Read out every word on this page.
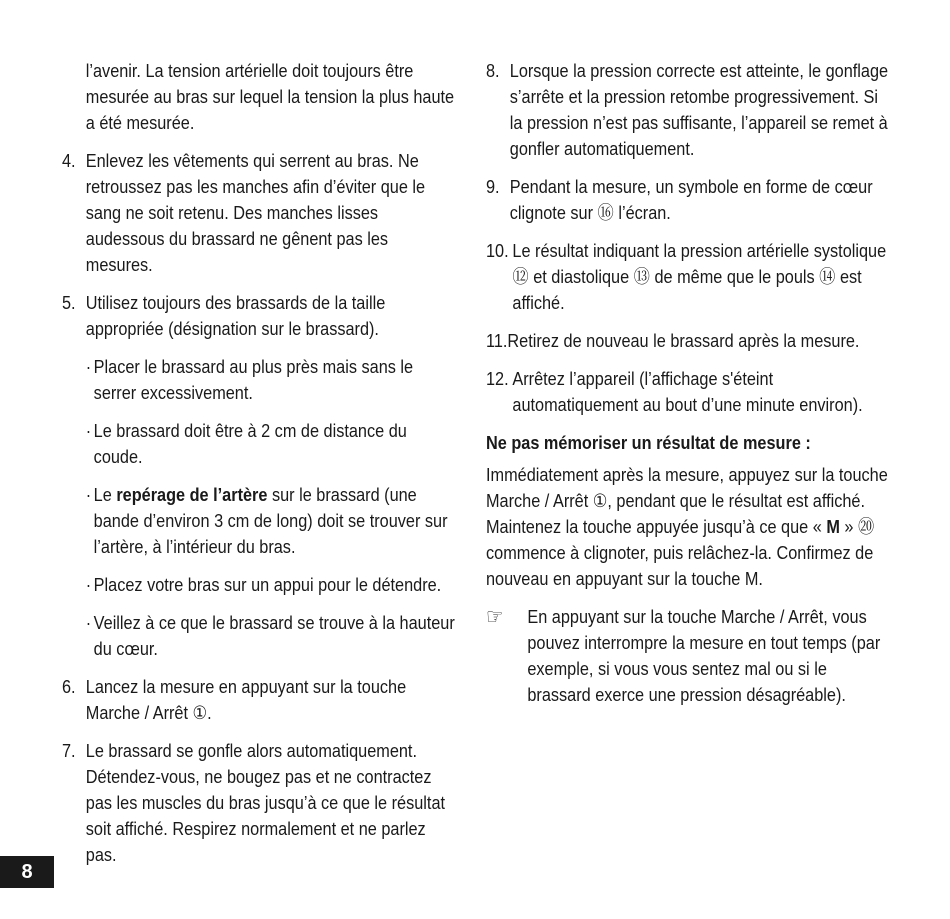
l’avenir. La tension artérielle doit toujours être mesurée au bras sur lequel la tension la plus haute a été mesurée.

4. Enlevez les vêtements qui serrent au bras. Ne retroussez pas les manches afin d’éviter que le sang ne soit retenu. Des manches lisses audessous du brassard ne gênent pas les mesures.

5. Utilisez toujours des brassards de la taille appropriée (désignation sur le brassard).

· Placer le brassard au plus près mais sans le serrer excessivement.

· Le brassard doit être à 2 cm de distance du coude.

· Le repérage de l’artère sur le brassard (une bande d’environ 3 cm de long) doit se trouver sur l’artère, à l’intérieur du bras.

· Placez votre bras sur un appui pour le détendre.

· Veillez à ce que le brassard se trouve à la hauteur du cœur.

6. Lancez la mesure en appuyant sur la touche Marche / Arrêt ①.

7. Le brassard se gonfle alors automatiquement. Détendez-vous, ne bougez pas et ne contractez pas les muscles du bras jusqu’à ce que le résultat soit affiché. Respirez normalement et ne parlez pas.

8. Lorsque la pression correcte est atteinte, le gonflage s’arrête et la pression retombe progressivement. Si la pression n’est pas suffisante, l’appareil se remet à gonfler automatiquement.

9. Pendant la mesure, un symbole en forme de cœur clignote sur ⑯ l’écran.

10. Le résultat indiquant la pression artérielle systolique ⑫ et diastolique ⑬ de même que le pouls ⑭ est affiché.

11.Retirez de nouveau le brassard après la mesure.

12. Arrêtez l’appareil (l’affichage s'éteint automatiquement au bout d’une minute environ).

Ne pas mémoriser un résultat de mesure :

Immédiatement après la mesure, appuyez sur la touche Marche / Arrêt ①, pendant que le résultat est affiché. Maintenez la touche appuyée jusqu’à ce que « M » ⑳ commence à clignoter, puis relâchez-la. Confirmez de nouveau en appuyant sur la touche M.

☞ En appuyant sur la touche Marche / Arrêt, vous pouvez interrompre la mesure en tout temps (par exemple, si vous vous sentez mal ou si le brassard exerce une pression désagréable).

8
